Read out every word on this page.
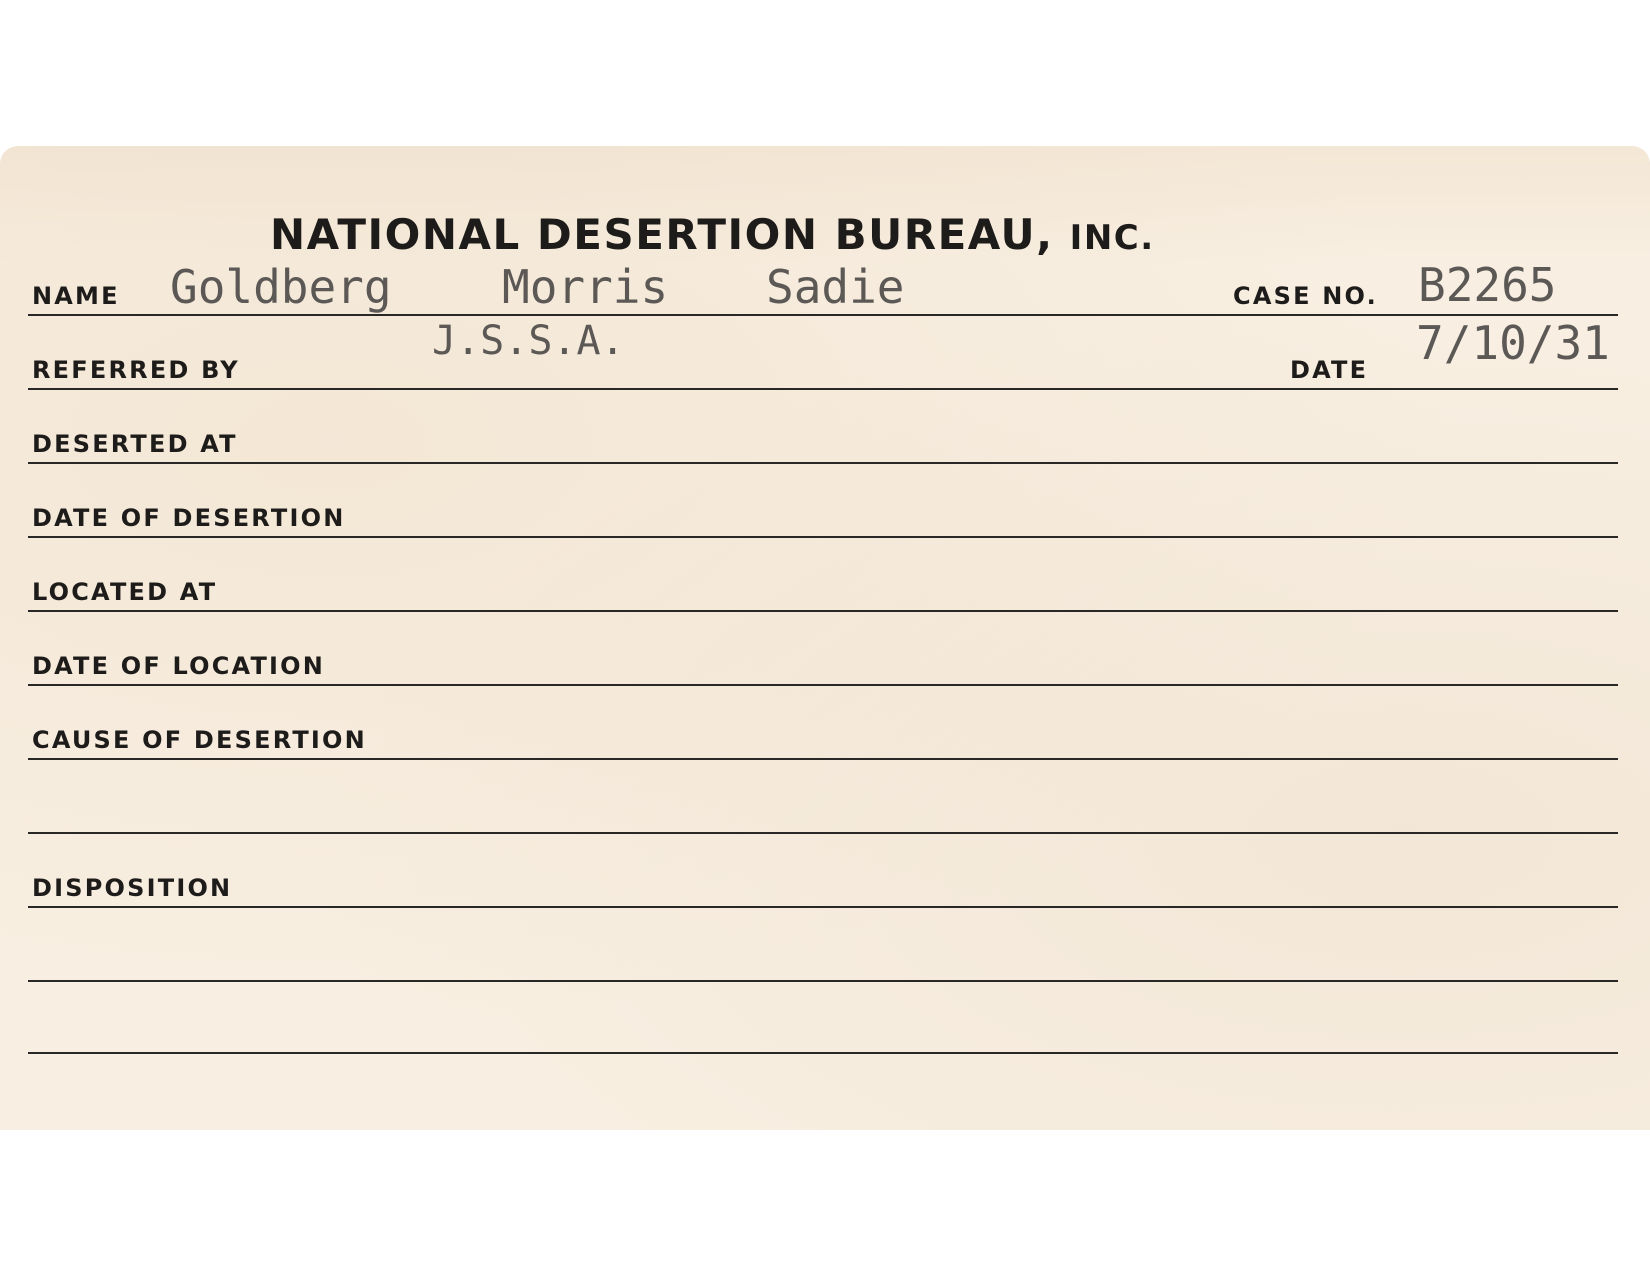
NATIONAL DESERTION BUREAU, INC.
NAME Goldberg Morris Sadie	CASE NO. B2265
REFERRED BY
J.S.S.A.
DATE 7/10/31
DESERTED AT
DATE OF DESERTION
LOCATED AT
DATE OF LOCATION
CAUSE OF DESERTION
DISPOSITION
